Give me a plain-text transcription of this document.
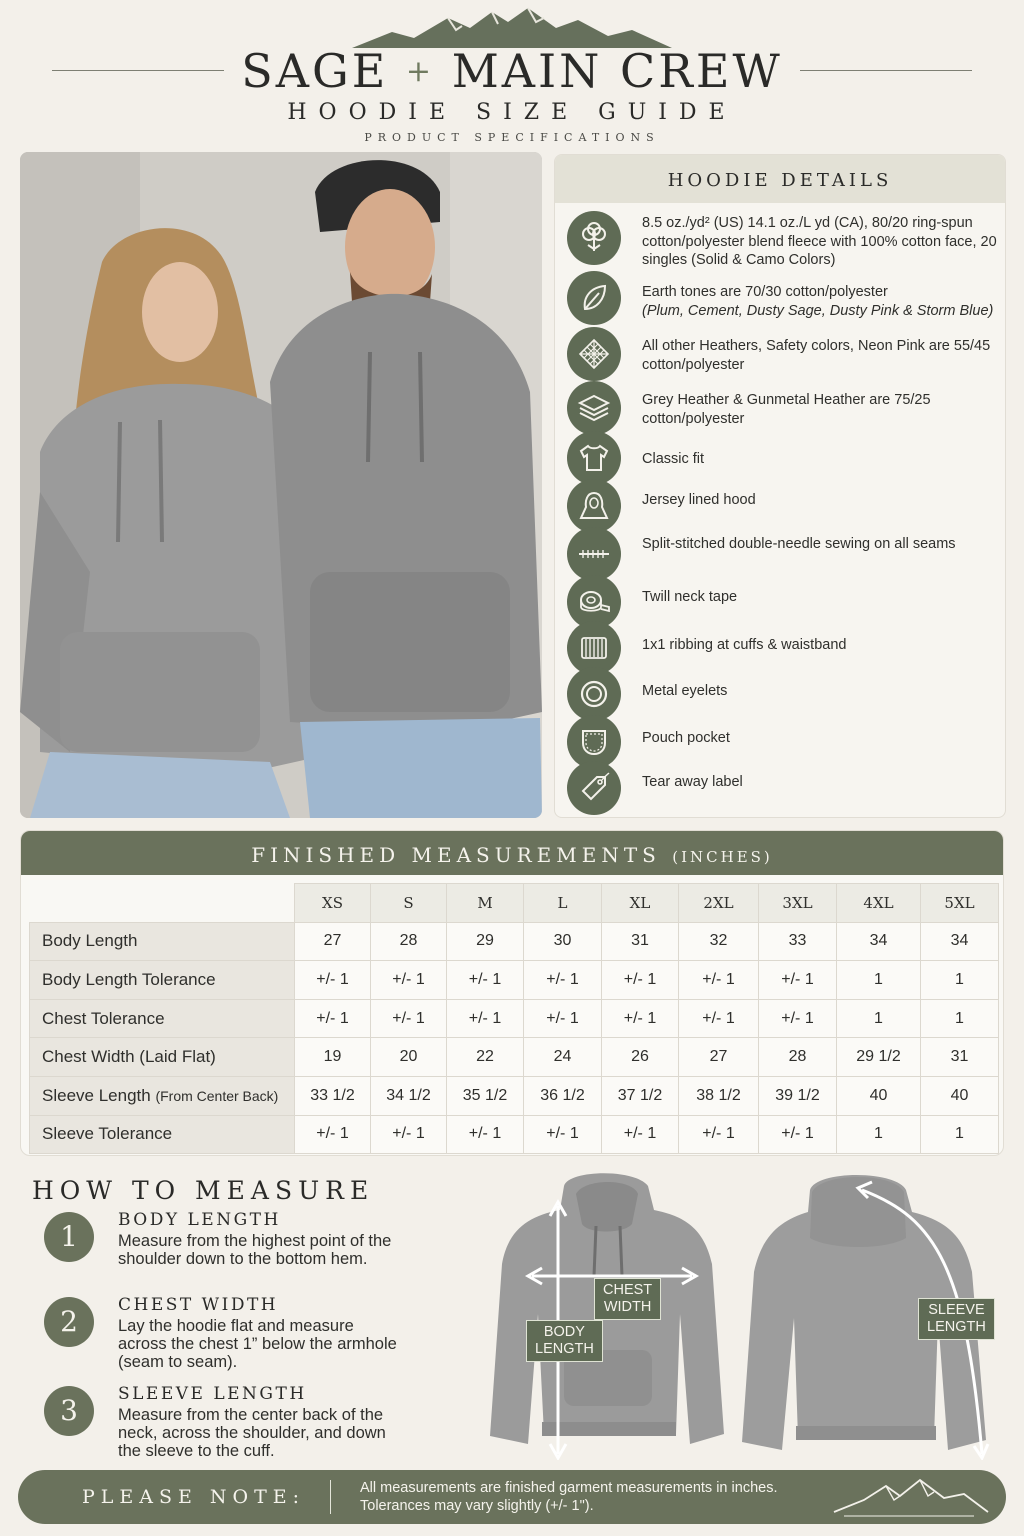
SAGE + MAIN CREW
HOODIE SIZE GUIDE
PRODUCT SPECIFICATIONS
HOODIE DETAILS
8.5 oz./yd² (US) 14.1 oz./L yd (CA), 80/20 ring-spun cotton/polyester blend fleece with 100% cotton face, 20 singles (Solid & Camo Colors)
Earth tones are 70/30 cotton/polyester
(Plum, Cement, Dusty Sage, Dusty Pink & Storm Blue)
All other Heathers, Safety colors, Neon Pink are 55/45 cotton/polyester
Grey Heather & Gunmetal Heather are 75/25 cotton/polyester
Classic fit
Jersey lined hood
Split-stitched double-needle sewing on all seams
Twill neck tape
1x1 ribbing at cuffs & waistband
Metal eyelets
Pouch pocket
Tear away label
FINISHED MEASUREMENTS (INCHES)
	XS	S	M	L	XL	2XL	3XL	4XL	5XL
Body Length	27	28	29	30	31	32	33	34	34
Body Length Tolerance	+/- 1	+/- 1	+/- 1	+/- 1	+/- 1	+/- 1	+/- 1	1	1
Chest Tolerance	+/- 1	+/- 1	+/- 1	+/- 1	+/- 1	+/- 1	+/- 1	1	1
Chest Width (Laid Flat)	19	20	22	24	26	27	28	29 1/2	31
Sleeve Length (From Center Back)	33 1/2	34 1/2	35 1/2	36 1/2	37 1/2	38 1/2	39 1/2	40	40
Sleeve Tolerance	+/- 1	+/- 1	+/- 1	+/- 1	+/- 1	+/- 1	+/- 1	1	1
HOW TO MEASURE
1	BODY LENGTH
Measure from the highest point of the shoulder down to the bottom hem.
2	CHEST WIDTH
Lay the hoodie flat and measure across the chest 1” below the armhole (seam to seam).
3	SLEEVE LENGTH
Measure from the center back of the neck, across the shoulder, and down the sleeve to the cuff.
CHEST
WIDTH
BODY
LENGTH
SLEEVE
LENGTH
PLEASE NOTE:	All measurements are finished garment measurements in inches.
Tolerances may vary slightly (+/- 1").
